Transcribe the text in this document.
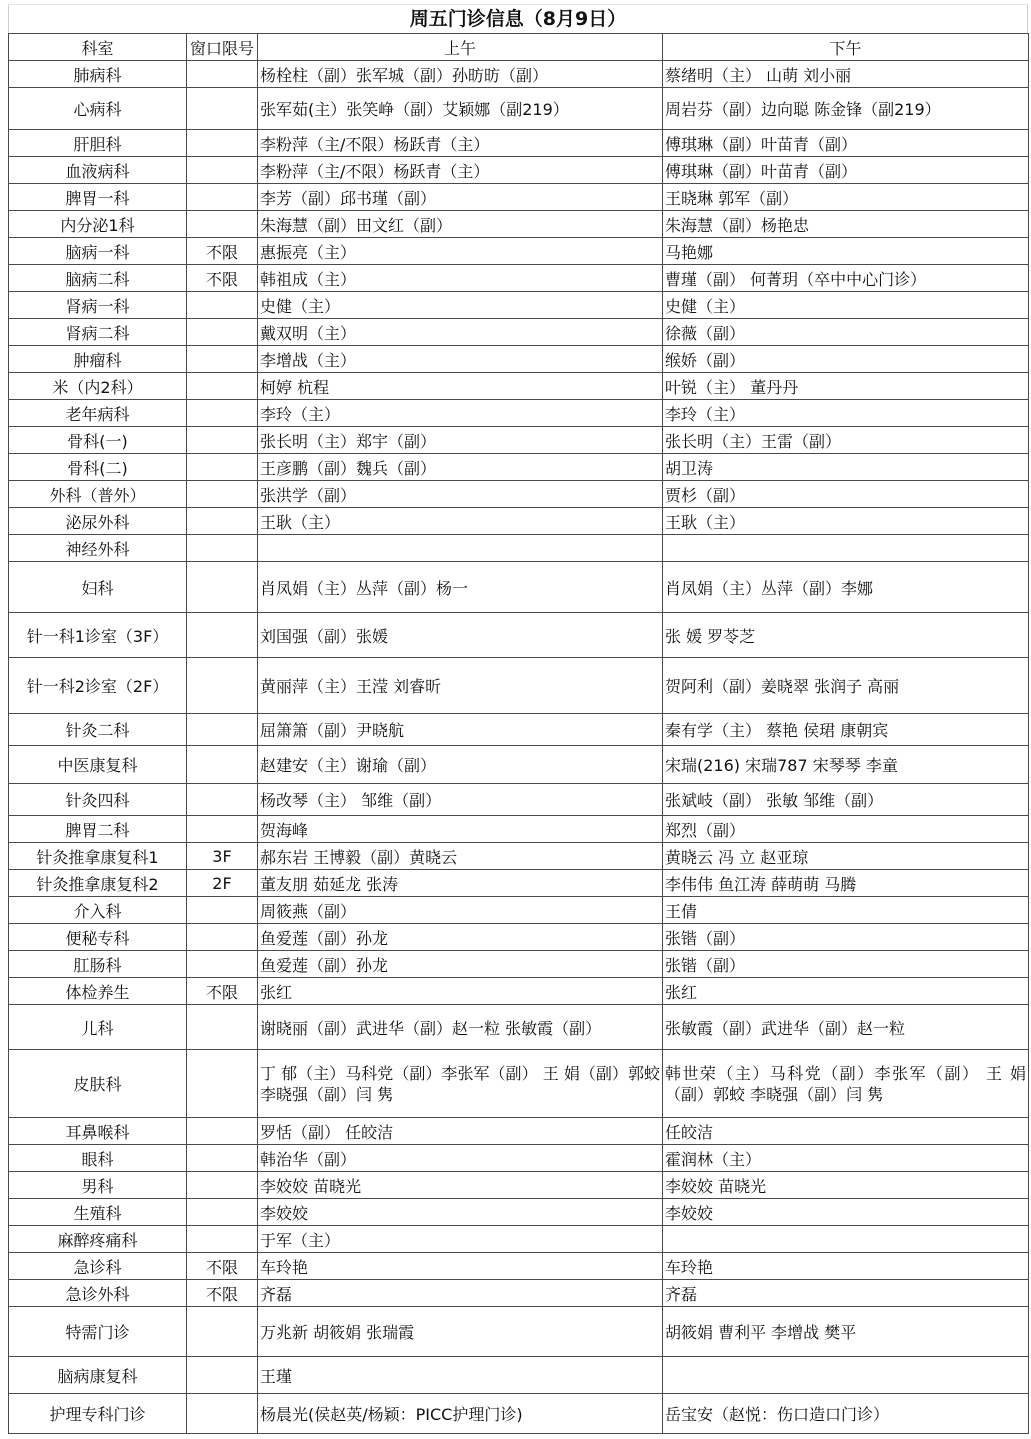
周五门诊信息（8月9日）
科室	窗口限号	上午	下午
肺病科		杨栓柱（副）张军城（副）孙昉昉（副）	蔡绪明（主） 山萌 刘小丽
心病科		张军茹(主）张笑峥（副）艾颖娜（副219）	周岩芬（副）边向聪 陈金锋（副219）
肝胆科		李粉萍（主/不限）杨跃青（主）	傅琪琳（副）叶苗青（副）
血液病科		李粉萍（主/不限）杨跃青（主）	傅琪琳（副）叶苗青（副）
脾胃一科		李芳（副）邱书瑾（副）	王晓琳 郭军（副）
内分泌1科		朱海慧（副）田文红（副）	朱海慧（副）杨艳忠
脑病一科	不限	惠振亮（主）	马艳娜
脑病二科	不限	韩祖成（主）	曹瑾（副） 何菁玥（卒中中心门诊）
肾病一科		史健（主）	史健（主）
肾病二科		戴双明（主）	徐薇（副）
肿瘤科		李增战（主）	缑娇（副）
米（内2科）		柯婷 杭程	叶锐（主） 董丹丹
老年病科		李玲（主）	李玲（主）
骨科(一)		张长明（主）郑宇（副）	张长明（主）王雷（副）
骨科(二)		王彦鹏（副）魏兵（副）	胡卫涛
外科（普外）		张洪学（副）	贾杉（副）
泌尿外科		王耿（主）	王耿（主）
神经外科			
妇科		肖凤娟（主）丛萍（副）杨一	肖凤娟（主）丛萍（副）李娜
针一科1诊室（3F）		刘国强（副）张媛	张 媛 罗苓芝
针一科2诊室（2F）		黄丽萍（主）王滢 刘睿昕	贺阿利（副）姜晓翠 张润子 高丽
针灸二科		屈箫箫（副）尹晓航	秦有学（主） 蔡艳 侯珺 康朝宾
中医康复科		赵建安（主）谢瑜（副）	宋瑞(216) 宋瑞787 宋琴琴 李童
针灸四科		杨改琴（主） 邹维（副）	张斌岐（副） 张敏 邹维（副）
脾胃二科		贺海峰	郑烈（副）
针灸推拿康复科1	3F	郝东岩 王博毅（副）黄晓云	黄晓云 冯 立 赵亚琼
针灸推拿康复科2	2F	董友朋 茹延龙 张涛	李伟伟 鱼江涛 薛萌萌 马腾
介入科		周筱燕（副）	王倩
便秘专科		鱼爱莲（副）孙龙	张锴（副）
肛肠科		鱼爱莲（副）孙龙	张锴（副）
体检养生	不限	张红	张红
儿科		谢晓丽（副）武进华（副）赵一粒 张敏霞（副）	张敏霞（副）武进华（副）赵一粒
皮肤科		丁 郁（主）马科党（副）李张军（副） 王 娟（副）郭蛟 李晓强（副）闫 隽	韩世荣（主）马科党（副）李张军（副） 王 娟（副）郭蛟 李晓强（副）闫 隽
耳鼻喉科		罗恬（副） 任皎洁	任皎洁
眼科		韩治华（副）	霍润林（主）
男科		李姣姣 苗晓光	李姣姣 苗晓光
生殖科		李姣姣	李姣姣
麻醉疼痛科		于军（主）	
急诊科	不限	车玲艳	车玲艳
急诊外科	不限	齐磊	齐磊
特需门诊		万兆新 胡筱娟 张瑞霞	胡筱娟 曹利平 李增战 樊平
脑病康复科		王瑾	
护理专科门诊		杨晨光(侯赵英/杨颖：PICC护理门诊)	岳宝安（赵悦：伤口造口门诊）
